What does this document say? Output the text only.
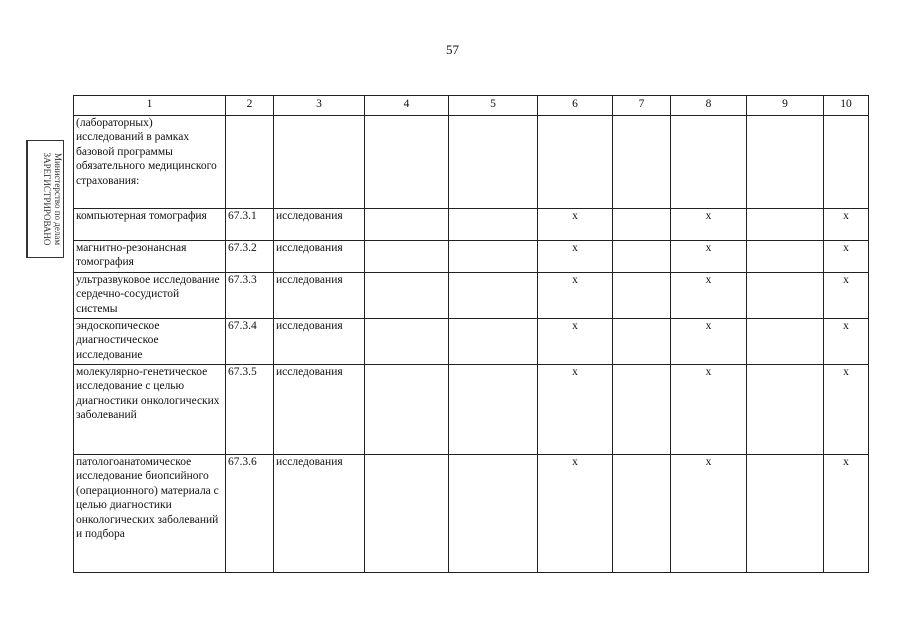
57
Министерство по делам
ЗАРЕГИСТРИРОВАНО
1	2	3	4	5	6	7	8	9	10
(лабораторных) исследований в рамках базовой программы обязательного медицинского страхования:									
компьютерная томография	67.3.1	исследования			x		x		x
магнитно-резонансная томография	67.3.2	исследования			x		x		x
ультразвуковое исследование сердечно-сосудистой системы	67.3.3	исследования			x		x		x
эндоскопическое диагностическое исследование	67.3.4	исследования			x		x		x
молекулярно-генетическое исследование с целью диагностики онкологических заболеваний	67.3.5	исследования			x		x		x
патологоанатомическое исследование биопсийного (операционного) материала с целью диагностики онкологических заболеваний и подбора	67.3.6	исследования			x		x		x
